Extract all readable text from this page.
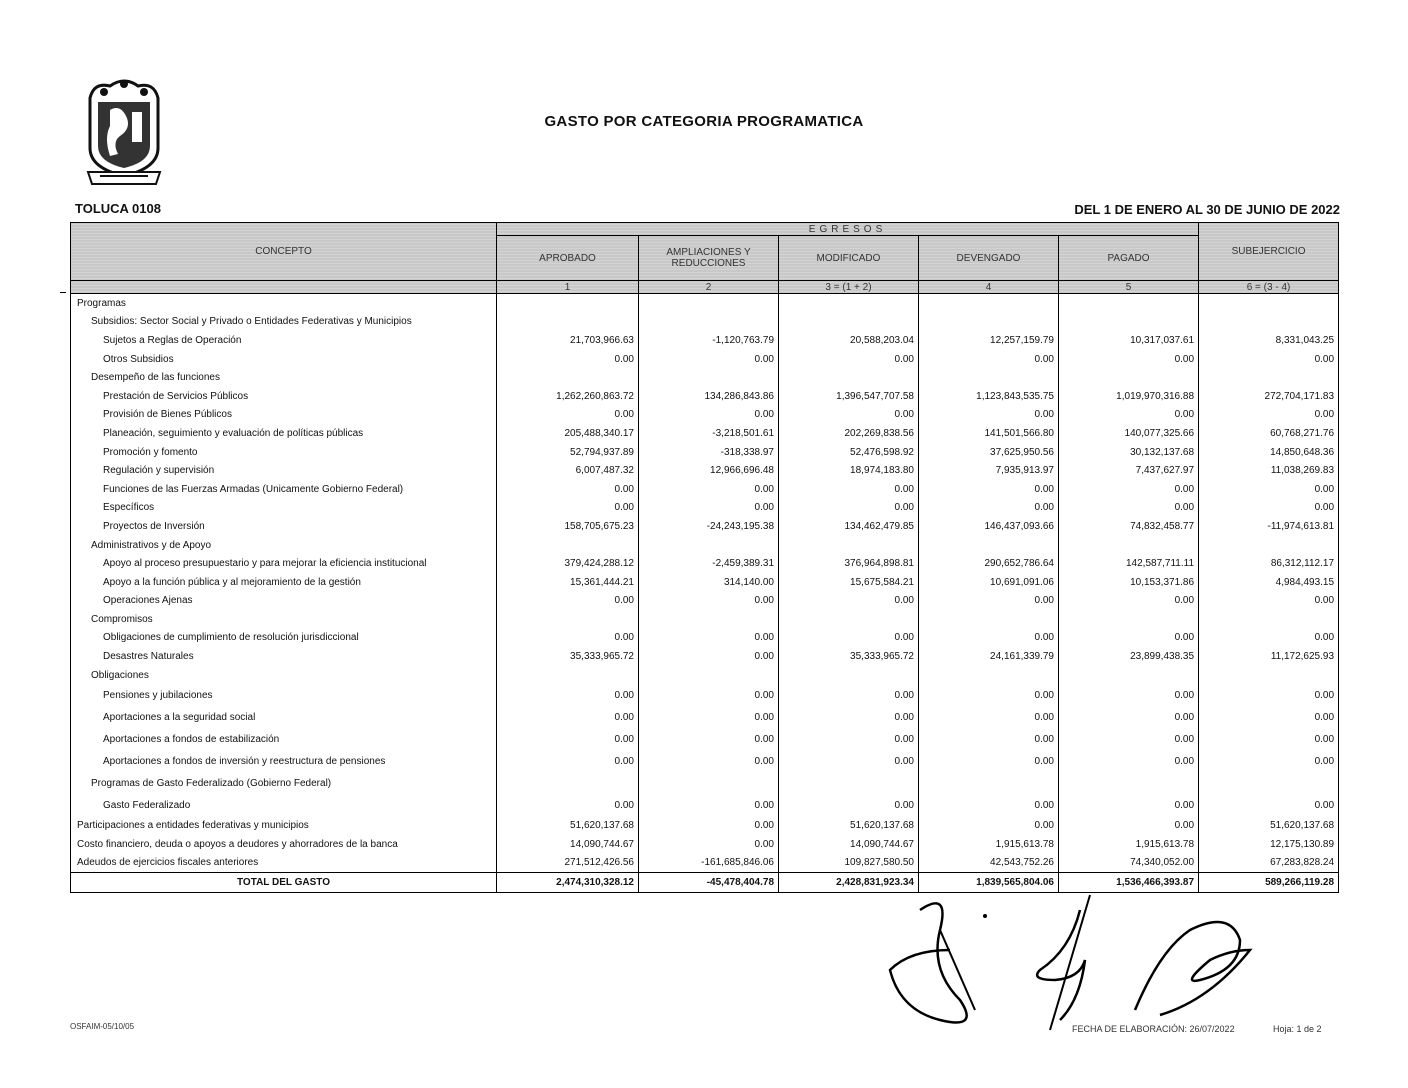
GASTO POR CATEGORIA PROGRAMATICA
TOLUCA 0108	DEL 1 DE ENERO AL 30 DE JUNIO DE 2022
CONCEPTO	EGRESOS					SUBEJERCICIO
	APROBADO	AMPLIACIONES Y REDUCCIONES	MODIFICADO	DEVENGADO	PAGADO	
	1	2	3 = (1 + 2)	4	5	6 = (3 - 4)
Programas						
Subsidios: Sector Social y Privado o Entidades Federativas y Municipios						
Sujetos a Reglas de Operación	21,703,966.63	-1,120,763.79	20,588,203.04	12,257,159.79	10,317,037.61	8,331,043.25
Otros Subsidios	0.00	0.00	0.00	0.00	0.00	0.00
Desempeño de las funciones						
Prestación de Servicios Públicos	1,262,260,863.72	134,286,843.86	1,396,547,707.58	1,123,843,535.75	1,019,970,316.88	272,704,171.83
Provisión de Bienes Públicos	0.00	0.00	0.00	0.00	0.00	0.00
Planeación, seguimiento y evaluación de políticas públicas	205,488,340.17	-3,218,501.61	202,269,838.56	141,501,566.80	140,077,325.66	60,768,271.76
Promoción y fomento	52,794,937.89	-318,338.97	52,476,598.92	37,625,950.56	30,132,137.68	14,850,648.36
Regulación y supervisión	6,007,487.32	12,966,696.48	18,974,183.80	7,935,913.97	7,437,627.97	11,038,269.83
Funciones de las Fuerzas Armadas (Unicamente Gobierno Federal)	0.00	0.00	0.00	0.00	0.00	0.00
Específicos	0.00	0.00	0.00	0.00	0.00	0.00
Proyectos de Inversión	158,705,675.23	-24,243,195.38	134,462,479.85	146,437,093.66	74,832,458.77	-11,974,613.81
Administrativos y de Apoyo						
Apoyo al proceso presupuestario y para mejorar la eficiencia institucional	379,424,288.12	-2,459,389.31	376,964,898.81	290,652,786.64	142,587,711.11	86,312,112.17
Apoyo a la función pública y al mejoramiento de la gestión	15,361,444.21	314,140.00	15,675,584.21	10,691,091.06	10,153,371.86	4,984,493.15
Operaciones Ajenas	0.00	0.00	0.00	0.00	0.00	0.00
Compromisos						
Obligaciones de cumplimiento de resolución jurisdiccional	0.00	0.00	0.00	0.00	0.00	0.00
Desastres Naturales	35,333,965.72	0.00	35,333,965.72	24,161,339.79	23,899,438.35	11,172,625.93
Obligaciones						
Pensiones y jubilaciones	0.00	0.00	0.00	0.00	0.00	0.00
Aportaciones a la seguridad social	0.00	0.00	0.00	0.00	0.00	0.00
Aportaciones a fondos de estabilización	0.00	0.00	0.00	0.00	0.00	0.00
Aportaciones a fondos de inversión y reestructura de pensiones	0.00	0.00	0.00	0.00	0.00	0.00
Programas de Gasto Federalizado (Gobierno Federal)						
Gasto Federalizado	0.00	0.00	0.00	0.00	0.00	0.00
Participaciones a entidades federativas y municipios	51,620,137.68	0.00	51,620,137.68	0.00	0.00	51,620,137.68
Costo financiero, deuda o apoyos a deudores y ahorradores de la banca	14,090,744.67	0.00	14,090,744.67	1,915,613.78	1,915,613.78	12,175,130.89
Adeudos de ejercicios fiscales anteriores	271,512,426.56	-161,685,846.06	109,827,580.50	42,543,752.26	74,340,052.00	67,283,828.24
TOTAL DEL GASTO	2,474,310,328.12	-45,478,404.78	2,428,831,923.34	1,839,565,804.06	1,536,466,393.87	589,266,119.28
OSFAIM-05/10/05	FECHA DE ELABORACIÓN: 26/07/2022	Hoja: 1 de 2
